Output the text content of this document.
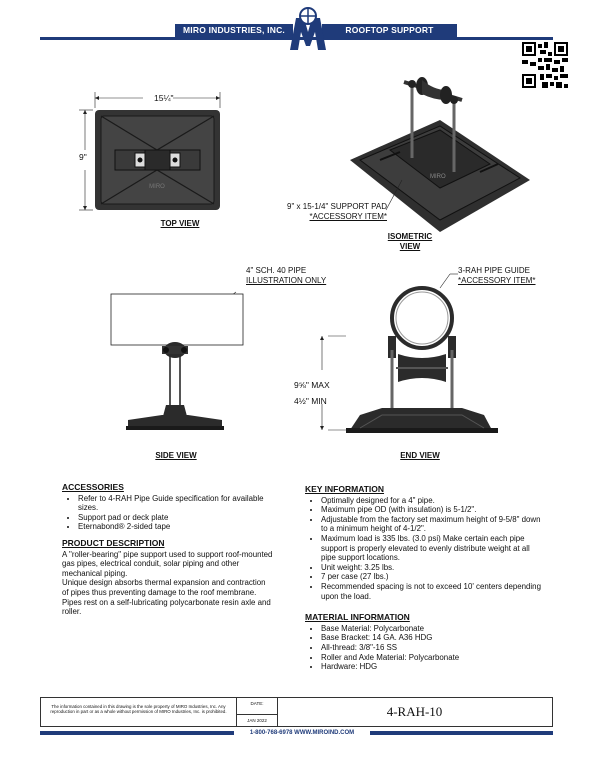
MIRO INDUSTRIES, INC.	ROOFTOP SUPPORT PRODUCTS
MIRO
15¼"
9"
TOP VIEW
MIRO
9" x 15-1/4" SUPPORT PAD
*ACCESSORY ITEM*
ISOMETRIC
VIEW
4" SCH. 40 PIPE
ILLUSTRATION ONLY
SIDE VIEW
3-RAH PIPE GUIDE
*ACCESSORY ITEM*
9⅝" MAX
4½" MIN
END VIEW
ACCESSORIES
• Refer to 4-RAH Pipe Guide specification for available sizes.
• Support pad or deck plate
• Eternabond® 2-sided tape
PRODUCT DESCRIPTION

A "roller-bearing" pipe support used to support roof-mounted gas pipes, electrical conduit, solar piping and other mechanical piping.

Unique design absorbs thermal expansion and contraction of pipes thus preventing damage to the roof membrane.

Pipes rest on a self-lubricating polycarbonate resin axle and roller.

KEY INFORMATION
• Optimally designed for a 4" pipe.
• Maximum pipe OD (with insulation) is 5-1/2".
• Adjustable from the factory set maximum height of 9-5/8" down to a minimum height of 4-1/2".
• Maximum load is 335 lbs. (3.0 psi) Make certain each pipe support is properly elevated to evenly distribute weight at all pipe support locations.
• Unit weight: 3.25 lbs.
• 7 per case (27 lbs.)
• Recommended spacing is not to exceed 10' centers depending upon the load.
MATERIAL INFORMATION
• Base Material: Polycarbonate
• Base Bracket: 14 GA. A36 HDG
• All-thread: 3/8"-16 SS
• Roller and Axle Material: Polycarbonate
• Hardware: HDG
The information contained in this drawing is the sole property of MIRO Industries, Inc. Any reproduction in part or as a whole without permission of MIRO Industries, Inc. is prohibited.
DATE:
JAN 2022
4-RAH-10
1-800-768-6978 WWW.MIROIND.COM
